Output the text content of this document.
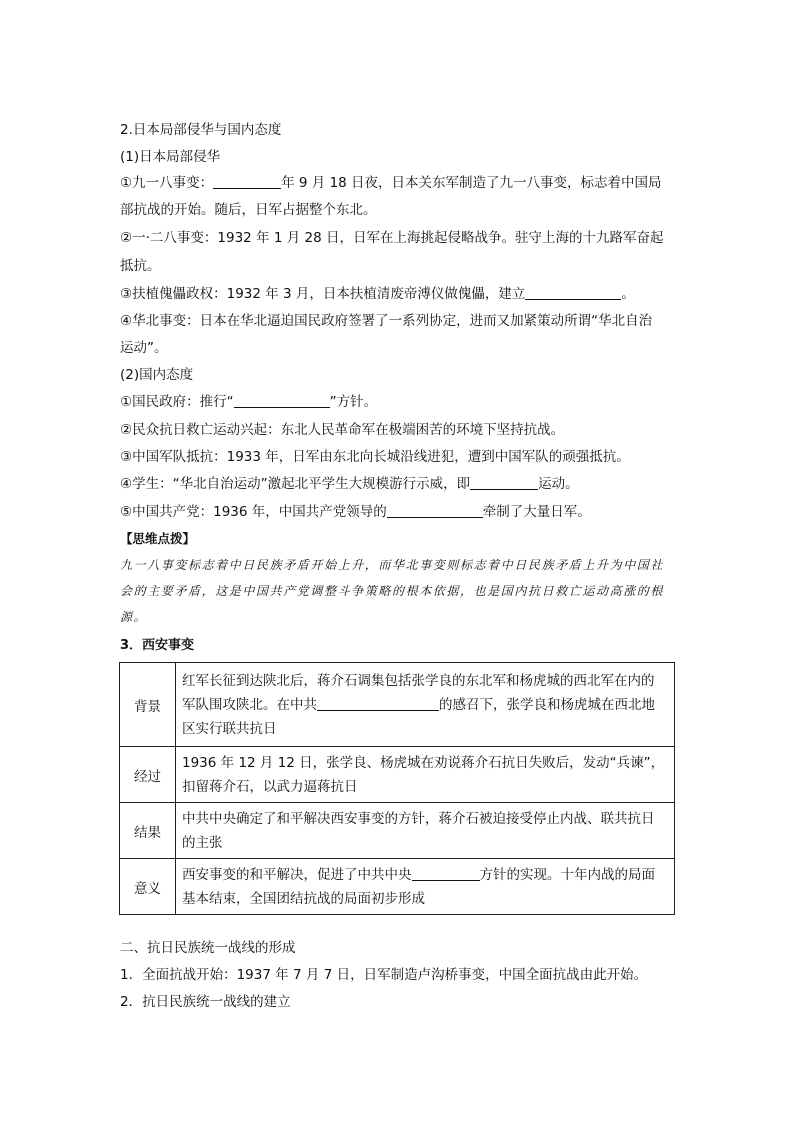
2.日本局部侵华与国内态度
(1)日本局部侵华
①九一八事变：	年 9 月 18 日夜，日本关东军制造了九一八事变，标志着中国局
部抗战的开始。随后，日军占据整个东北。
②一·二八事变：1932 年 1 月 28 日，日军在上海挑起侵略战争。驻守上海的十九路军奋起
抵抗。
③扶植傀儡政权：1932 年 3 月，日本扶植清废帝溥仪做傀儡，建立	。
④华北事变：日本在华北逼迫国民政府签署了一系列协定，进而又加紧策动所谓“华北自治
运动”。
(2)国内态度
①国民政府：推行“	”方针。
②民众抗日救亡运动兴起：东北人民革命军在极端困苦的环境下坚持抗战。
③中国军队抵抗：1933 年，日军由东北向长城沿线进犯，遭到中国军队的顽强抵抗。
④学生：“华北自治运动”激起北平学生大规模游行示威，即	运动。
⑤中国共产党：1936 年，中国共产党领导的	牵制了大量日军。
【思维点拨】
九一八事变标志着中日民族矛盾开始上升，而华北事变则标志着中日民族矛盾上升为中国社会的主要矛盾，这是中国共产党调整斗争策略的根本依据，也是国内抗日救亡运动高涨的根源。
3．西安事变
背景	红军长征到达陕北后，蒋介石调集包括张学良的东北军和杨虎城的西北军在内的
军队围攻陕北。在中共 的感召下，张学良和杨虎城在西北地
区实行联共抗日

经过	1936 年 12 月 12 日，张学良、杨虎城在劝说蒋介石抗日失败后，发动“兵谏”，
扣留蒋介石，以武力逼蒋抗日

结果	中共中央确定了和平解决西安事变的方针，蒋介石被迫接受停止内战、联共抗日
的主张

意义	西安事变的和平解决，促进了中共中央 方针的实现。十年内战的局面
基本结束，全国团结抗战的局面初步形成
二、抗日民族统一战线的形成
1．全面抗战开始：1937 年 7 月 7 日，日军制造卢沟桥事变，中国全面抗战由此开始。
2．抗日民族统一战线的建立
